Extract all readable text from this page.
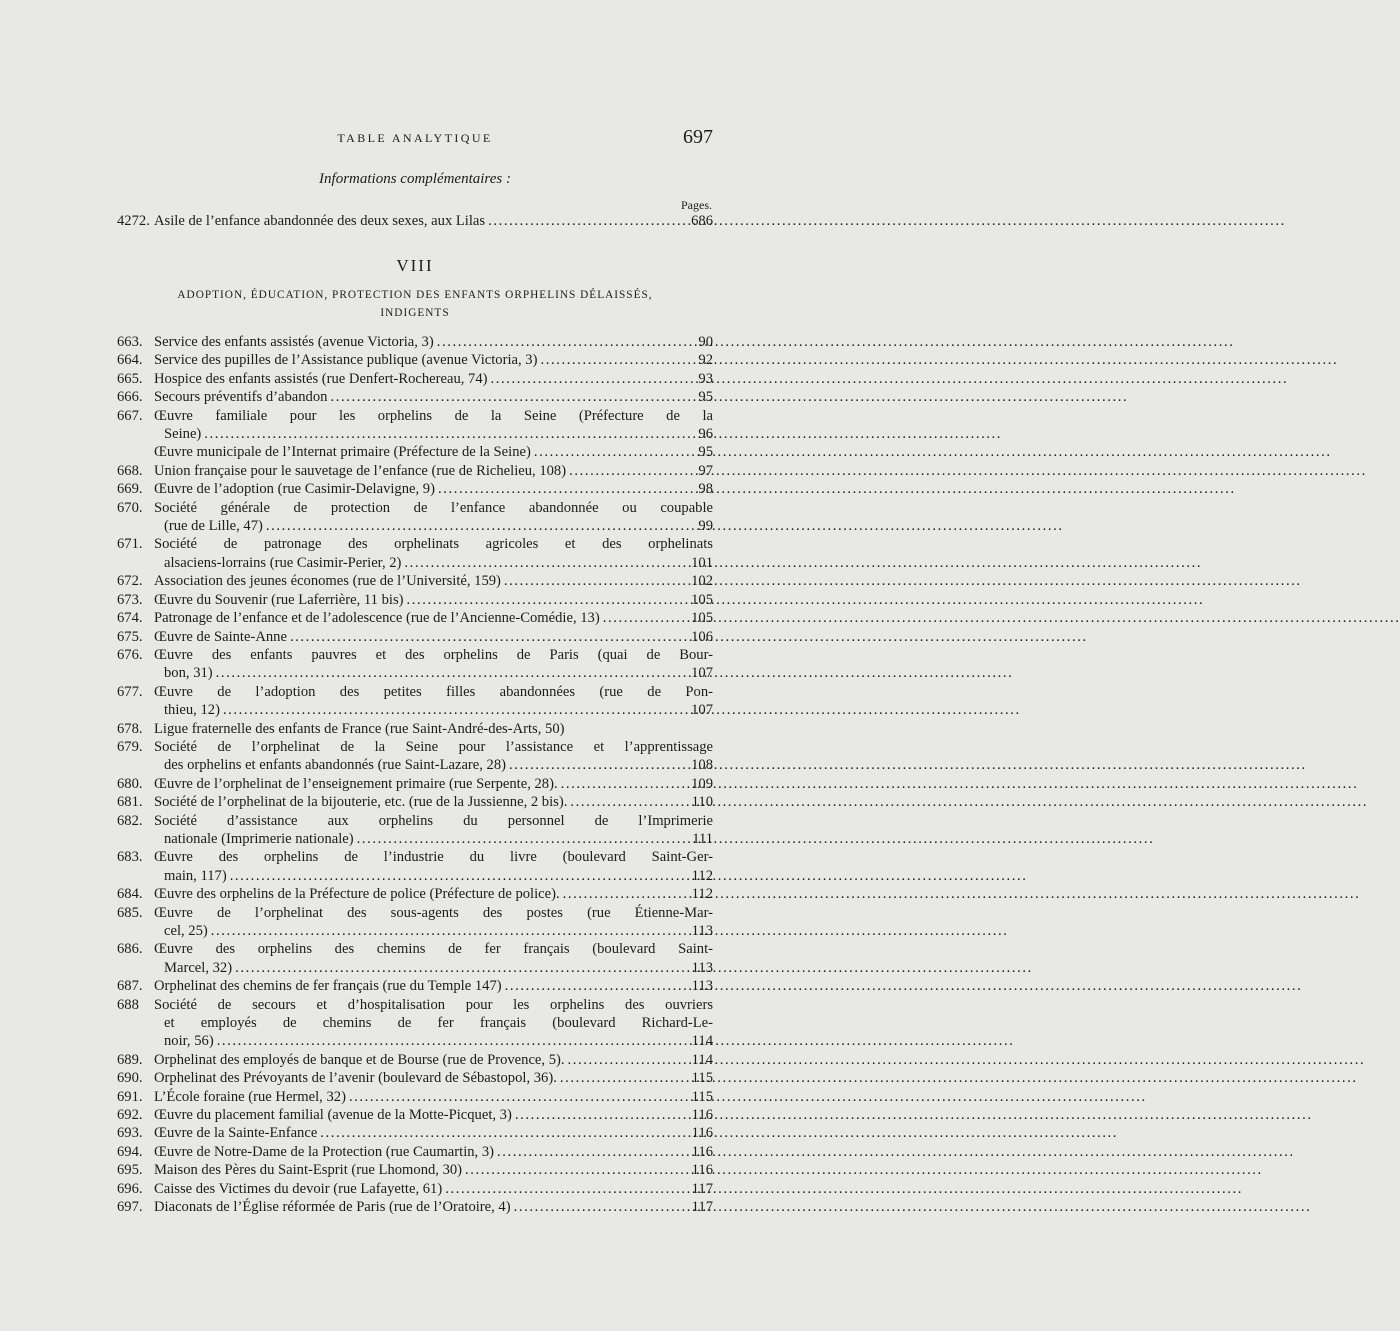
TABLE ANALYTIQUE	697
Informations complémentaires :
Pages.
4272. Asile de l’enfance abandonnée des deux sexes, aux Lilas .....	686
VIII
ADOPTION, ÉDUCATION, PROTECTION DES ENFANTS ORPHELINS DÉLAISSÉS,
INDIGENTS
663. Service des enfants assistés (avenue Victoria, 3) .....	90
664. Service des pupilles de l’Assistance publique (avenue Victoria, 3) .....	92
665. Hospice des enfants assistés (rue Denfert-Rochereau, 74) .....	93
666. Secours préventifs d’abandon .....	95
667. Œuvre familiale pour les orphelins de la Seine (Préfecture de la
Seine) .....	96
Œuvre municipale de l’Internat primaire (Préfecture de la Seine) .....	95
668. Union française pour le sauvetage de l’enfance (rue de Richelieu, 108) .....	97
669. Œuvre de l’adoption (rue Casimir-Delavigne, 9) .....	98
670. Société générale de protection de l’enfance abandonnée ou coupable
(rue de Lille, 47) .....	99
671. Société de patronage des orphelinats agricoles et des orphelinats
alsaciens-lorrains (rue Casimir-Perier, 2) .....	101
672. Association des jeunes économes (rue de l’Université, 159) .....	102
673. Œuvre du Souvenir (rue Laferrière, 11 bis) .....	105
674. Patronage de l’enfance et de l’adolescence (rue de l’Ancienne-Comédie, 13) .....	105
675. Œuvre de Sainte-Anne .....	106
676. Œuvre des enfants pauvres et des orphelins de Paris (quai de Bour-
bon, 31) .....	107
677. Œuvre de l’adoption des petites filles abandonnées (rue de Pon-
thieu, 12) .....	107
678. Ligue fraternelle des enfants de France (rue Saint-André-des-Arts, 50)
679. Société de l’orphelinat de la Seine pour l’assistance et l’apprentissage
des orphelins et enfants abandonnés (rue Saint-Lazare, 28) .....	108
680. Œuvre de l’orphelinat de l’enseignement primaire (rue Serpente, 28). .....	109
681. Société de l’orphelinat de la bijouterie, etc. (rue de la Jussienne, 2 bis). .....	110
682. Société d’assistance aux orphelins du personnel de l’Imprimerie
nationale (Imprimerie nationale) .....	111
683. Œuvre des orphelins de l’industrie du livre (boulevard Saint-Ger-
main, 117) .....	112
684. Œuvre des orphelins de la Préfecture de police (Préfecture de police). .....	112
685. Œuvre de l’orphelinat des sous-agents des postes (rue Étienne-Mar-
cel, 25) .....	113
686. Œuvre des orphelins des chemins de fer français (boulevard Saint-
Marcel, 32) .....	113
687. Orphelinat des chemins de fer français (rue du Temple 147) .....	113
688 Société de secours et d’hospitalisation pour les orphelins des ouvriers
et employés de chemins de fer français (boulevard Richard-Le-
noir, 56) .....	114
689. Orphelinat des employés de banque et de Bourse (rue de Provence, 5). .....	114
690. Orphelinat des Prévoyants de l’avenir (boulevard de Sébastopol, 36). .....	115
691. L’École foraine (rue Hermel, 32) .....	115
692. Œuvre du placement familial (avenue de la Motte-Picquet, 3) .....	116
693. Œuvre de la Sainte-Enfance .....	116
694. Œuvre de Notre-Dame de la Protection (rue Caumartin, 3) .....	116
695. Maison des Pères du Saint-Esprit (rue Lhomond, 30) .....	116
696. Caisse des Victimes du devoir (rue Lafayette, 61) .....	117
697. Diaconats de l’Église réformée de Paris (rue de l’Oratoire, 4) .....	117
